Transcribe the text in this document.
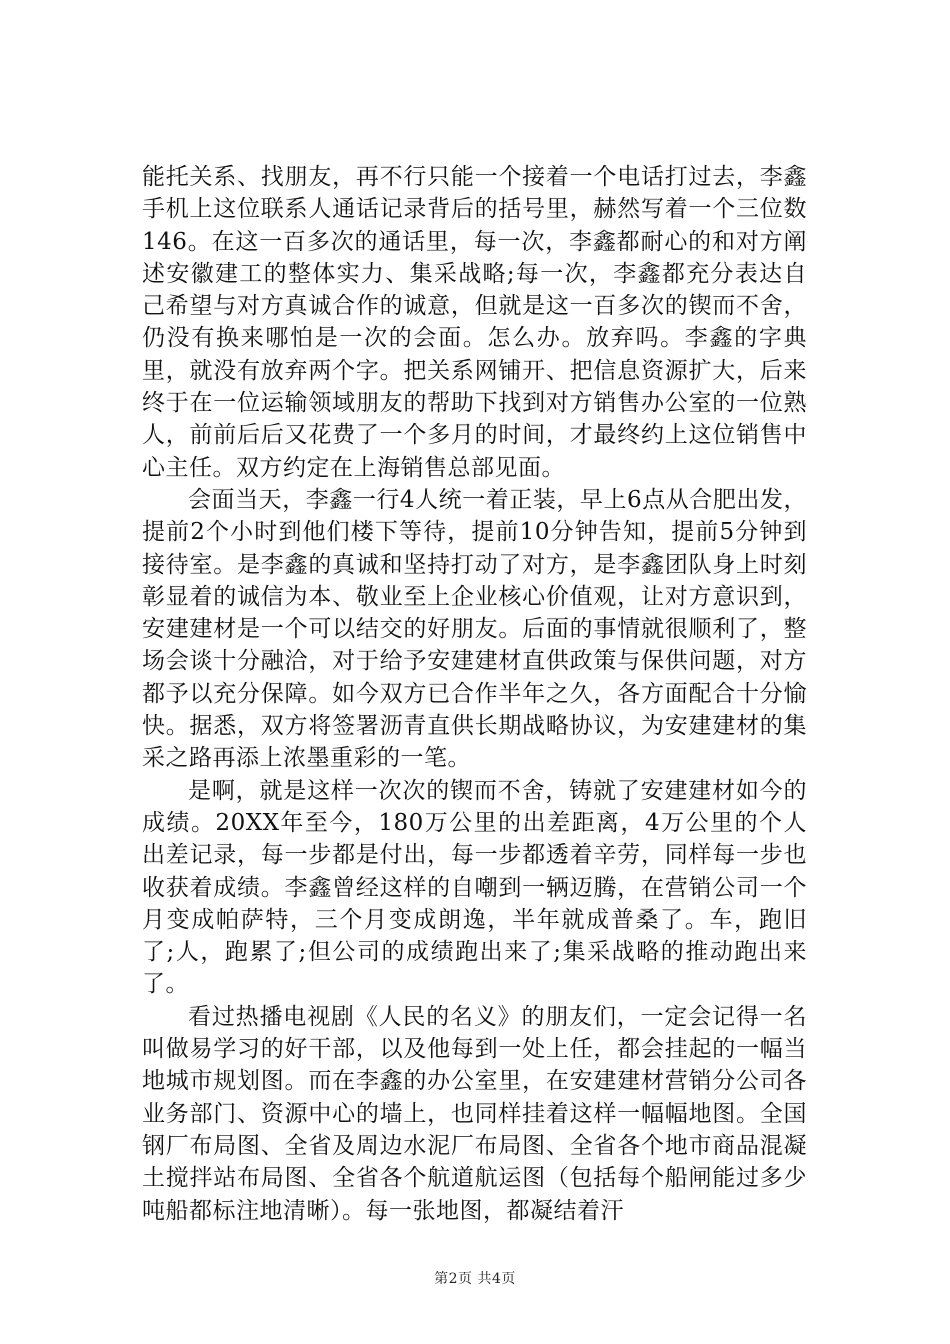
能托关系、找朋友，再不行只能一个接着一个电话打过去，李鑫手机上这位联系人通话记录背后的括号里，赫然写着一个三位数146。在这一百多次的通话里，每一次，李鑫都耐心的和对方阐述安徽建工的整体实力、集采战略;每一次，李鑫都充分表达自己希望与对方真诚合作的诚意，但就是这一百多次的锲而不舍，仍没有换来哪怕是一次的会面。怎么办。放弃吗。李鑫的字典里，就没有放弃两个字。把关系网铺开、把信息资源扩大，后来终于在一位运输领域朋友的帮助下找到对方销售办公室的一位熟人，前前后后又花费了一个多月的时间，才最终约上这位销售中心主任。双方约定在上海销售总部见面。

会面当天，李鑫一行4人统一着正装，早上6点从合肥出发，提前2个小时到他们楼下等待，提前10分钟告知，提前5分钟到接待室。是李鑫的真诚和坚持打动了对方，是李鑫团队身上时刻彰显着的诚信为本、敬业至上企业核心价值观，让对方意识到，安建建材是一个可以结交的好朋友。后面的事情就很顺利了，整场会谈十分融洽，对于给予安建建材直供政策与保供问题，对方都予以充分保障。如今双方已合作半年之久，各方面配合十分愉快。据悉，双方将签署沥青直供长期战略协议，为安建建材的集采之路再添上浓墨重彩的一笔。

是啊，就是这样一次次的锲而不舍，铸就了安建建材如今的成绩。20XX年至今，180万公里的出差距离，4万公里的个人出差记录，每一步都是付出，每一步都透着辛劳，同样每一步也收获着成绩。李鑫曾经这样的自嘲到一辆迈腾，在营销公司一个月变成帕萨特，三个月变成朗逸，半年就成普桑了。车，跑旧了;人，跑累了;但公司的成绩跑出来了;集采战略的推动跑出来了。

看过热播电视剧《人民的名义》的朋友们，一定会记得一名叫做易学习的好干部，以及他每到一处上任，都会挂起的一幅当地城市规划图。而在李鑫的办公室里，在安建建材营销分公司各业务部门、资源中心的墙上，也同样挂着这样一幅幅地图。全国钢厂布局图、全省及周边水泥厂布局图、全省各个地市商品混凝土搅拌站布局图、全省各个航道航运图（包括每个船闸能过多少吨船都标注地清晰）。每一张地图，都凝结着汗

第2页 共4页
